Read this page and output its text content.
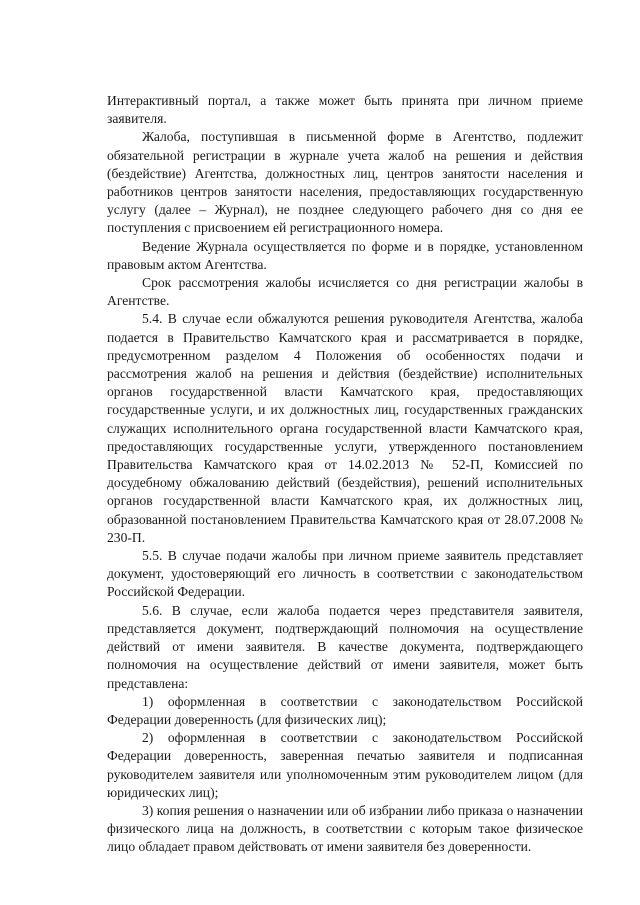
Интерактивный портал, а также может быть принята при личном приеме заявителя.

Жалоба, поступившая в письменной форме в Агентство, подлежит обязательной регистрации в журнале учета жалоб на решения и действия (бездействие) Агентства, должностных лиц, центров занятости населения и работников центров занятости населения, предоставляющих государственную услугу (далее – Журнал), не позднее следующего рабочего дня со дня ее поступления с присвоением ей регистрационного номера.

Ведение Журнала осуществляется по форме и в порядке, установленном правовым актом Агентства.

Срок рассмотрения жалобы исчисляется со дня регистрации жалобы в Агентстве.

5.4. В случае если обжалуются решения руководителя Агентства, жалоба подается в Правительство Камчатского края и рассматривается в порядке, предусмотренном разделом 4 Положения об особенностях подачи и рассмотрения жалоб на решения и действия (бездействие) исполнительных органов государственной власти Камчатского края, предоставляющих государственные услуги, и их должностных лиц, государственных гражданских служащих исполнительного органа государственной власти Камчатского края, предоставляющих государственные услуги, утвержденного постановлением Правительства Камчатского края от 14.02.2013 № 52-П, Комиссией по досудебному обжалованию действий (бездействия), решений исполнительных органов государственной власти Камчатского края, их должностных лиц, образованной постановлением Правительства Камчатского края от 28.07.2008 № 230-П.

5.5. В случае подачи жалобы при личном приеме заявитель представляет документ, удостоверяющий его личность в соответствии с законодательством Российской Федерации.

5.6. В случае, если жалоба подается через представителя заявителя, представляется документ, подтверждающий полномочия на осуществление действий от имени заявителя. В качестве документа, подтверждающего полномочия на осуществление действий от имени заявителя, может быть представлена:

1) оформленная в соответствии с законодательством Российской Федерации доверенность (для физических лиц);

2) оформленная в соответствии с законодательством Российской Федерации доверенность, заверенная печатью заявителя и подписанная руководителем заявителя или уполномоченным этим руководителем лицом (для юридических лиц);

3) копия решения о назначении или об избрании либо приказа о назначении физического лица на должность, в соответствии с которым такое физическое лицо обладает правом действовать от имени заявителя без доверенности.
